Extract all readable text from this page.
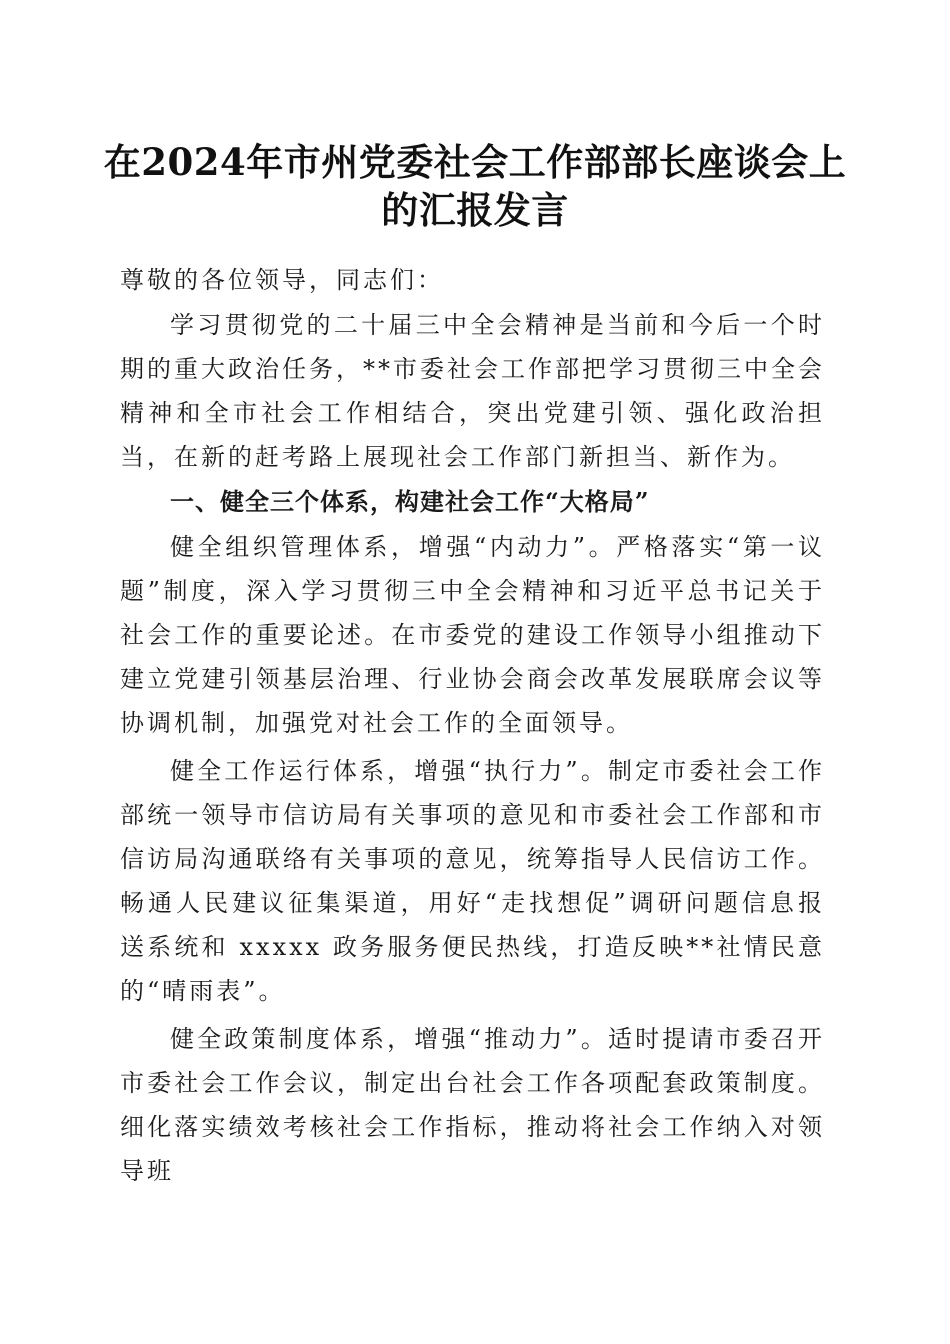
在2024年市州党委社会工作部部长座谈会上
的汇报发言

尊敬的各位领导，同志们：

学习贯彻党的二十届三中全会精神是当前和今后一个时期的重大政治任务，**市委社会工作部把学习贯彻三中全会精神和全市社会工作相结合，突出党建引领、强化政治担当，在新的赶考路上展现社会工作部门新担当、新作为。

一、健全三个体系，构建社会工作“大格局”

健全组织管理体系，增强“内动力”。严格落实“第一议题”制度，深入学习贯彻三中全会精神和习近平总书记关于社会工作的重要论述。在市委党的建设工作领导小组推动下建立党建引领基层治理、行业协会商会改革发展联席会议等协调机制，加强党对社会工作的全面领导。

健全工作运行体系，增强“执行力”。制定市委社会工作部统一领导市信访局有关事项的意见和市委社会工作部和市信访局沟通联络有关事项的意见，统筹指导人民信访工作。畅通人民建议征集渠道，用好“走找想促”调研问题信息报送系统和 xxxxx 政务服务便民热线，打造反映**社情民意的“晴雨表”。

健全政策制度体系，增强“推动力”。适时提请市委召开市委社会工作会议，制定出台社会工作各项配套政策制度。细化落实绩效考核社会工作指标，推动将社会工作纳入对领导班
